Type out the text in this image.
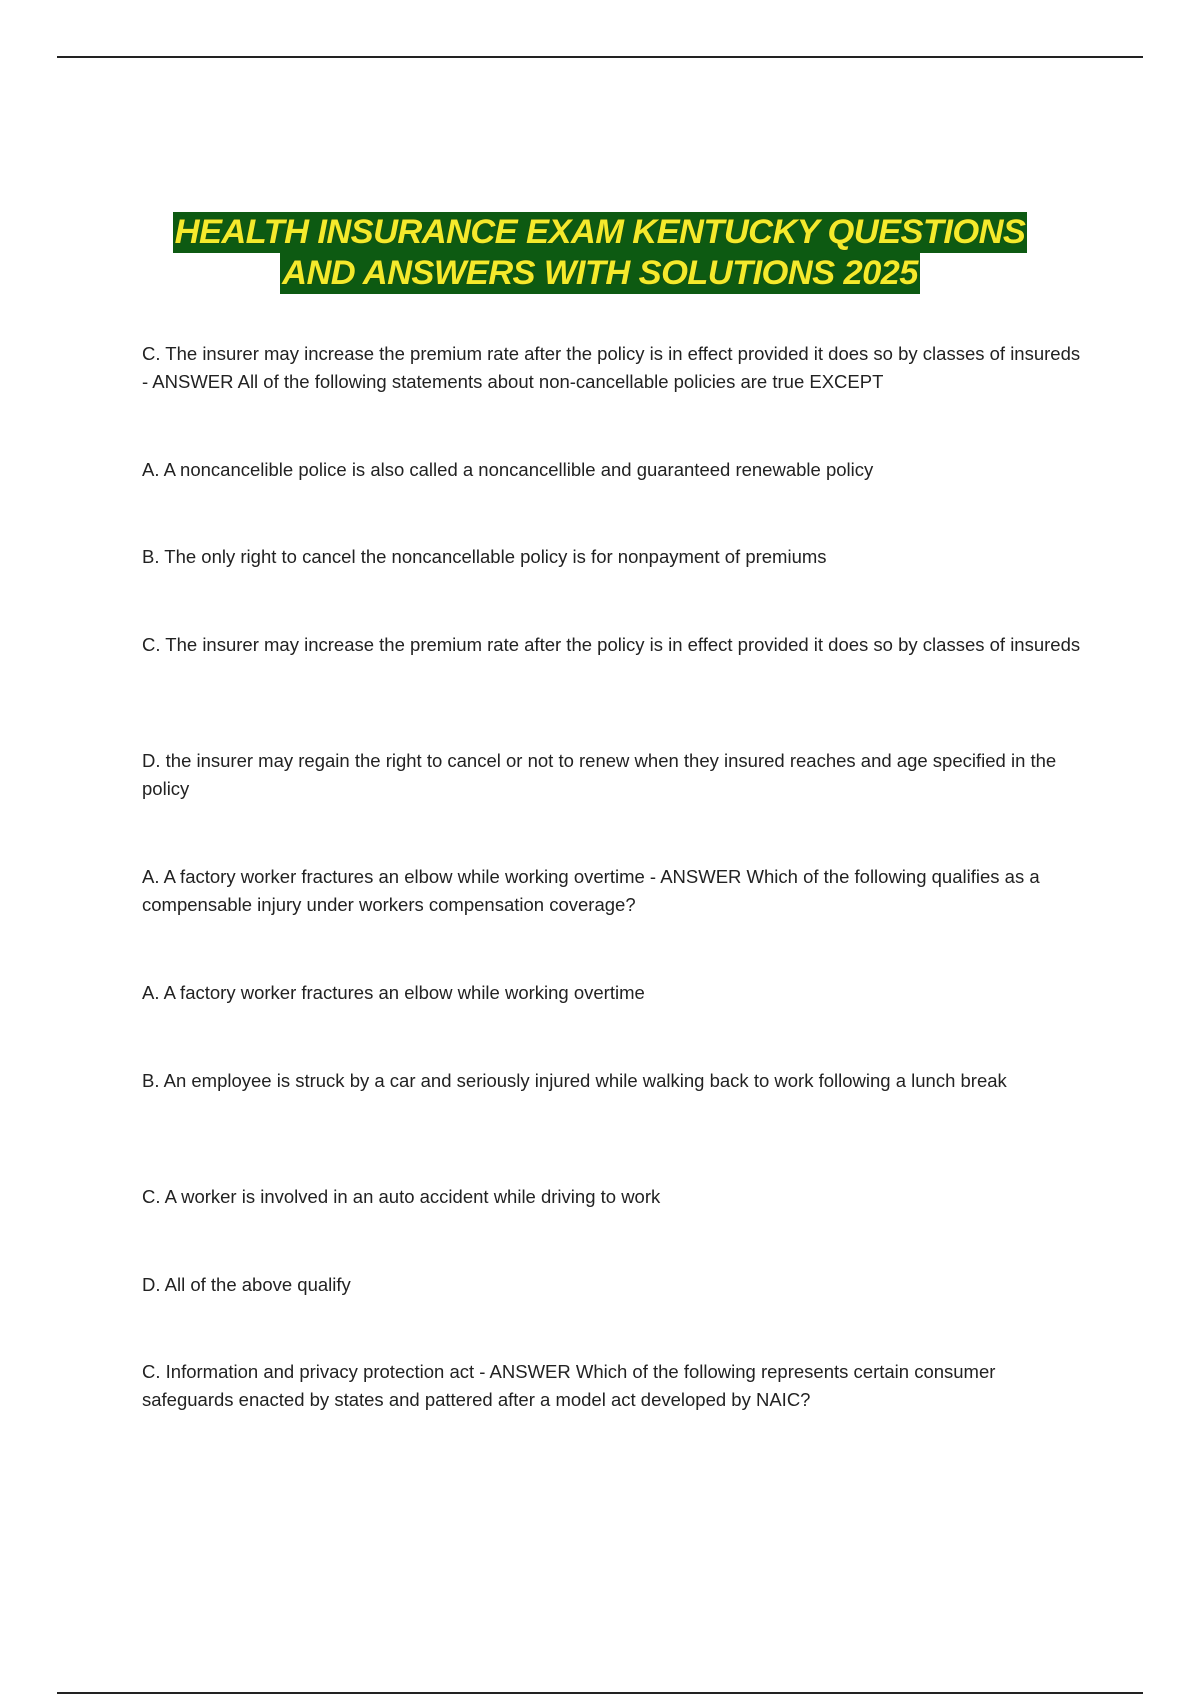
HEALTH INSURANCE EXAM KENTUCKY QUESTIONS
AND ANSWERS WITH SOLUTIONS 2025

C. The insurer may increase the premium rate after the policy is in effect provided it does so by classes of insureds - ANSWER All of the following statements about non-cancellable policies are true EXCEPT

A. A noncancelible police is also called a noncancellible and guaranteed renewable policy

B. The only right to cancel the noncancellable policy is for nonpayment of premiums

C. The insurer may increase the premium rate after the policy is in effect provided it does so by classes of insureds

D. the insurer may regain the right to cancel or not to renew when they insured reaches and age specified in the policy

A. A factory worker fractures an elbow while working overtime - ANSWER Which of the following qualifies as a compensable injury under workers compensation coverage?

A. A factory worker fractures an elbow while working overtime

B. An employee is struck by a car and seriously injured while walking back to work following a lunch break

C. A worker is involved in an auto accident while driving to work

D. All of the above qualify

C. Information and privacy protection act - ANSWER Which of the following represents certain consumer safeguards enacted by states and pattered after a model act developed by NAIC?
